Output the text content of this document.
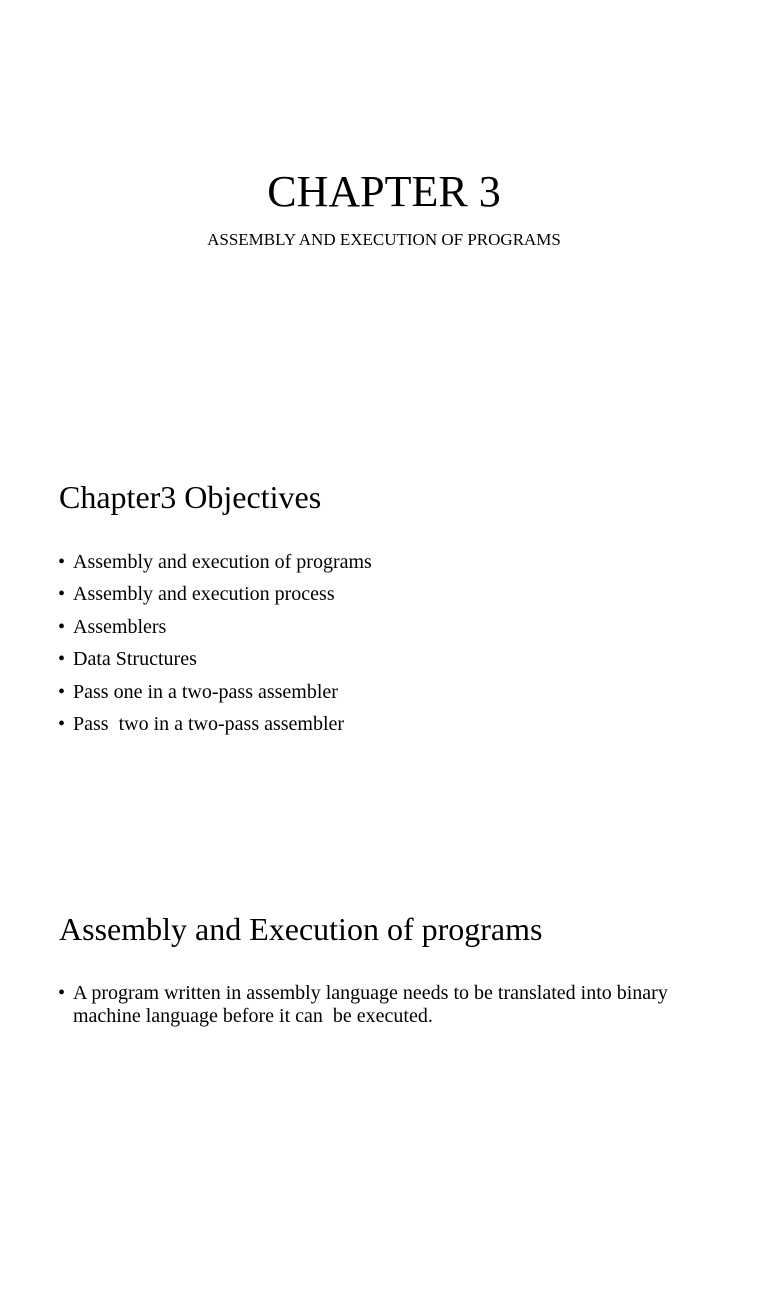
CHAPTER 3

ASSEMBLY AND EXECUTION OF PROGRAMS

Chapter3 Objectives
• Assembly and execution of programs
• Assembly and execution process
• Assemblers
• Data Structures
• Pass one in a two-pass assembler
• Pass  two in a two-pass assembler
Assembly and Execution of programs
• A program written in assembly language needs to be translated into binary machine language before it can  be executed.
